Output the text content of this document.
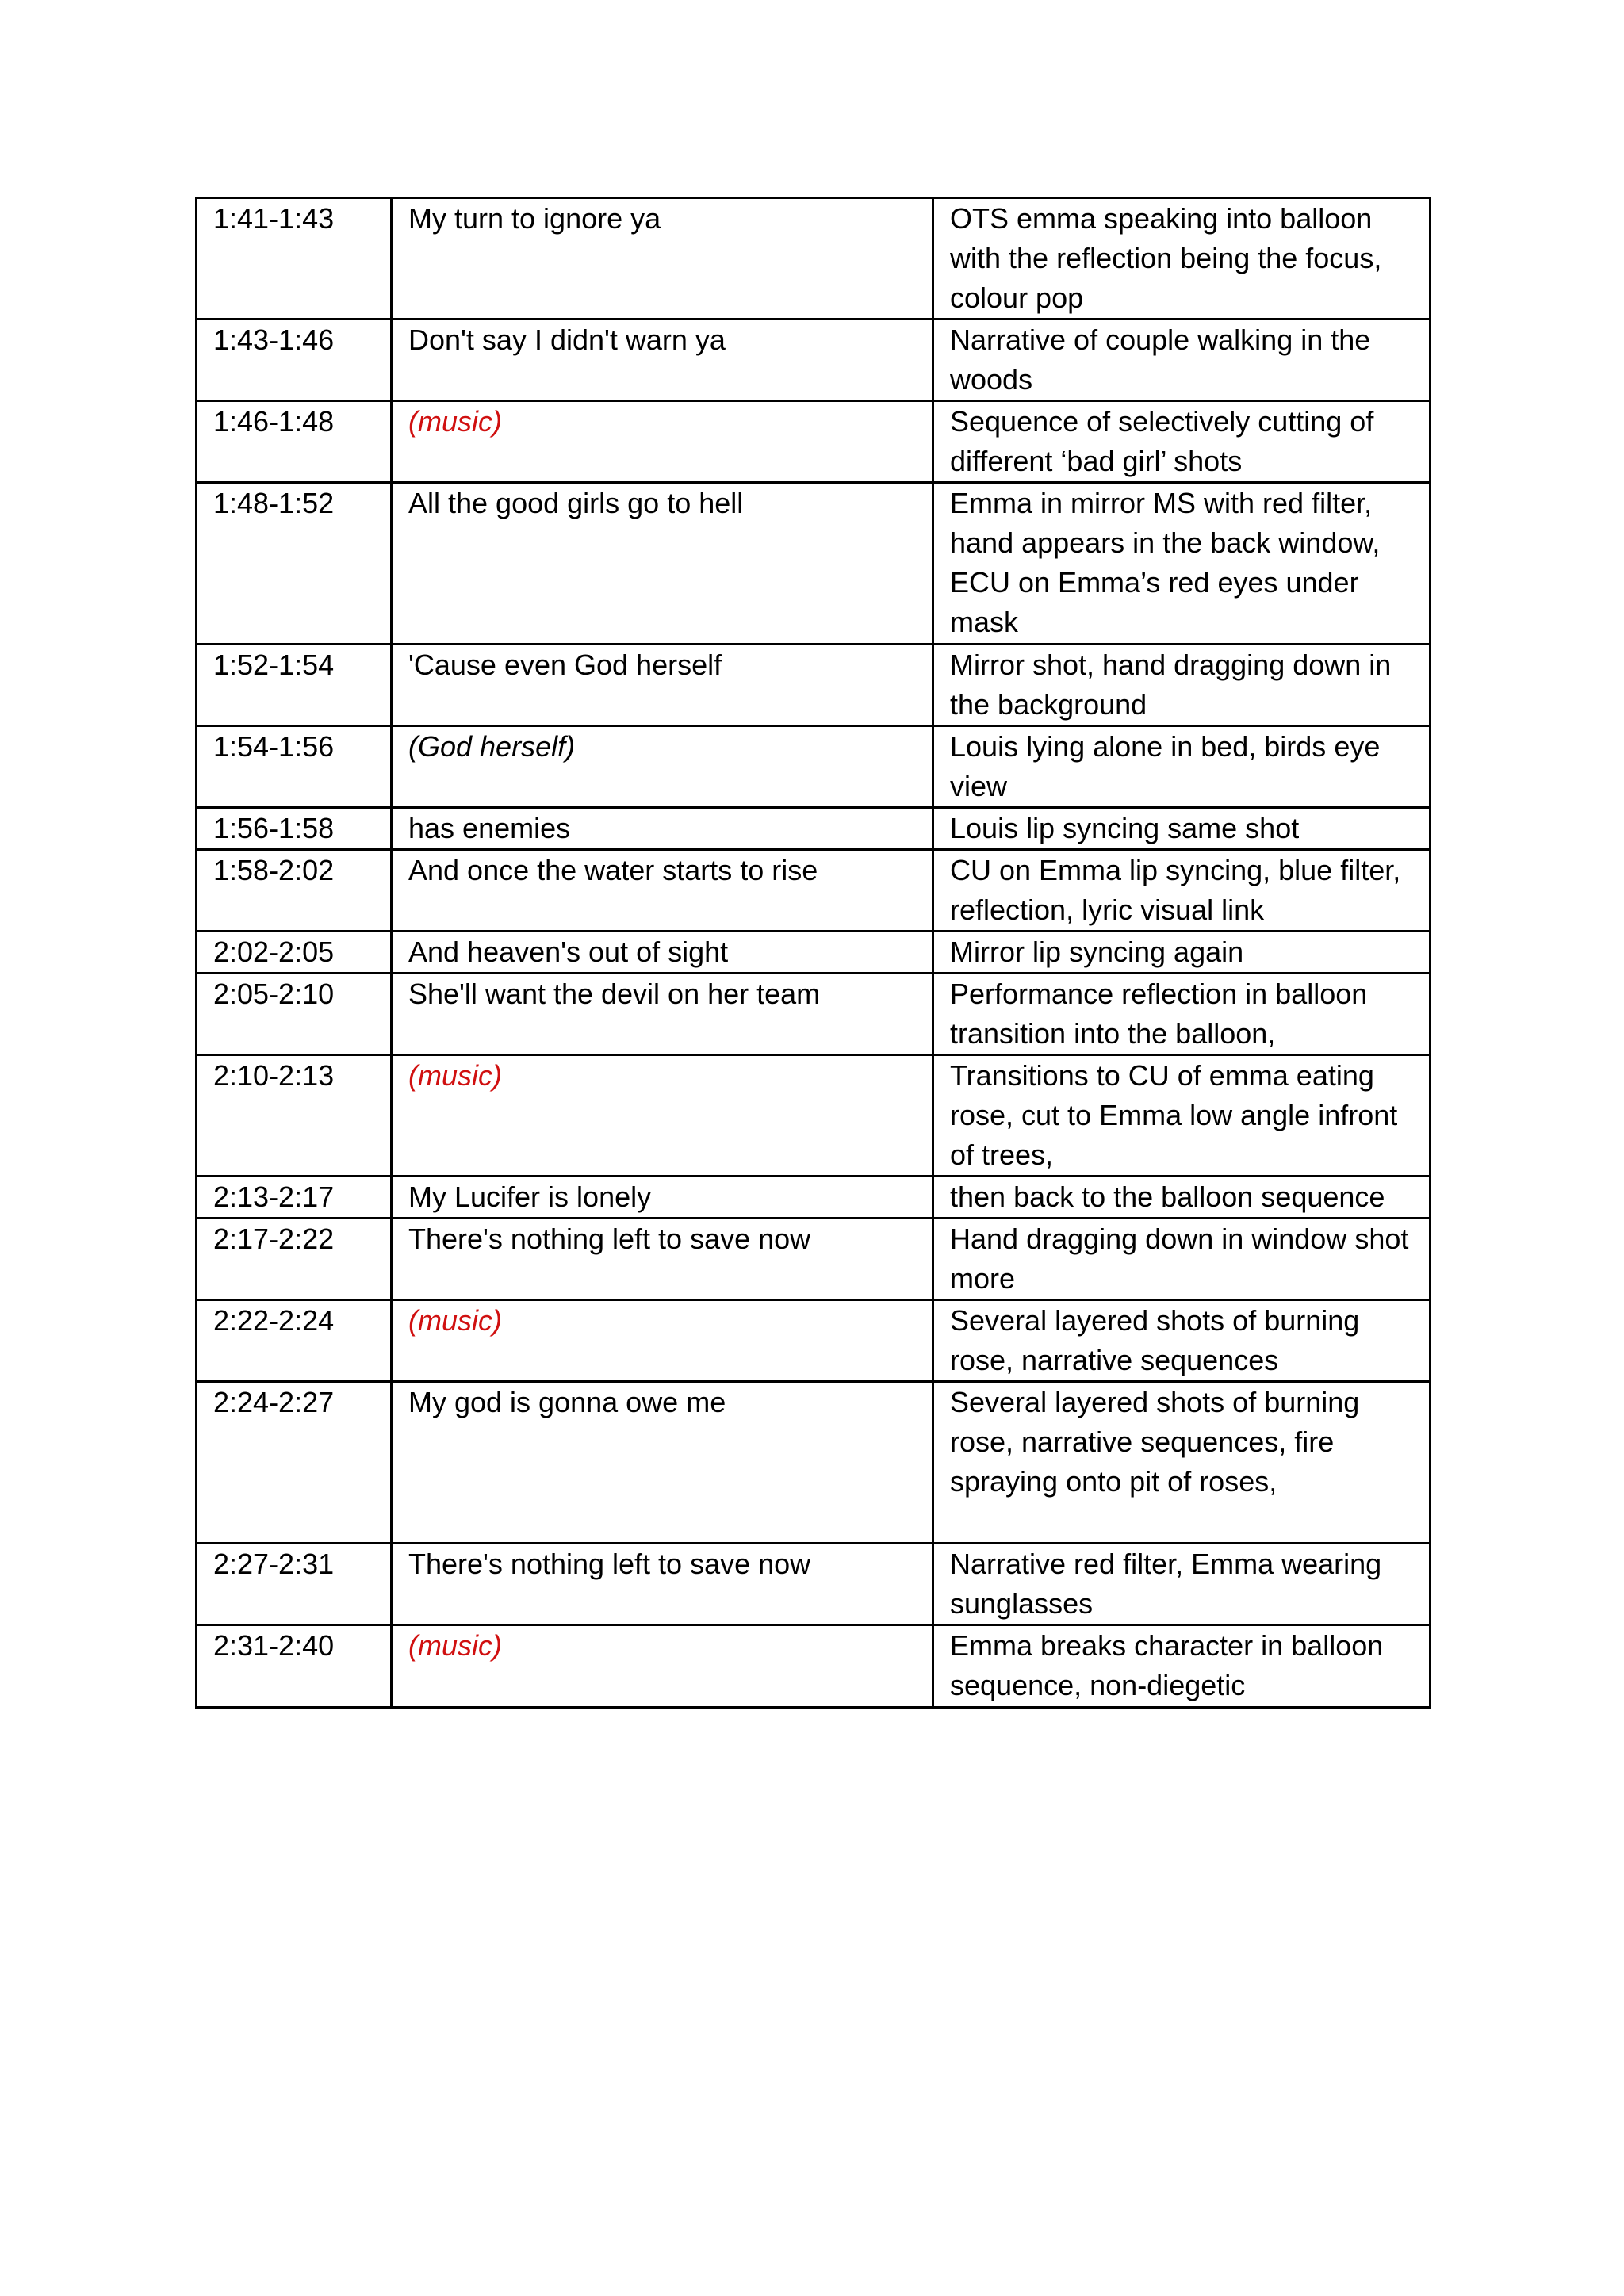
1:41-1:43	My turn to ignore ya	OTS emma speaking into balloon with the reflection being the focus, colour pop
1:43-1:46	Don't say I didn't warn ya	Narrative of couple walking in the woods
1:46-1:48	(music)	Sequence of selectively cutting of different ‘bad girl’ shots
1:48-1:52	All the good girls go to hell	Emma in mirror MS with red filter, hand appears in the back window, ECU on Emma’s red eyes under mask
1:52-1:54	'Cause even God herself	Mirror shot, hand dragging down in the background
1:54-1:56	(God herself)	Louis lying alone in bed, birds eye view
1:56-1:58	has enemies	Louis lip syncing same shot
1:58-2:02	And once the water starts to rise	CU on Emma lip syncing, blue filter, reflection, lyric visual link
2:02-2:05	And heaven's out of sight	Mirror lip syncing again
2:05-2:10	She'll want the devil on her team	Performance reflection in balloon transition into the balloon,
2:10-2:13	(music)	Transitions to CU of emma eating rose, cut to Emma low angle infront of trees,
2:13-2:17	My Lucifer is lonely	then back to the balloon sequence
2:17-2:22	There's nothing left to save now	Hand dragging down in window shot more
2:22-2:24	(music)	Several layered shots of burning rose, narrative sequences
2:24-2:27	My god is gonna owe me	Several layered shots of burning rose, narrative sequences, fire spraying onto pit of roses,
2:27-2:31	There's nothing left to save now	Narrative red filter, Emma wearing sunglasses
2:31-2:40	(music)	Emma breaks character in balloon sequence, non-diegetic
